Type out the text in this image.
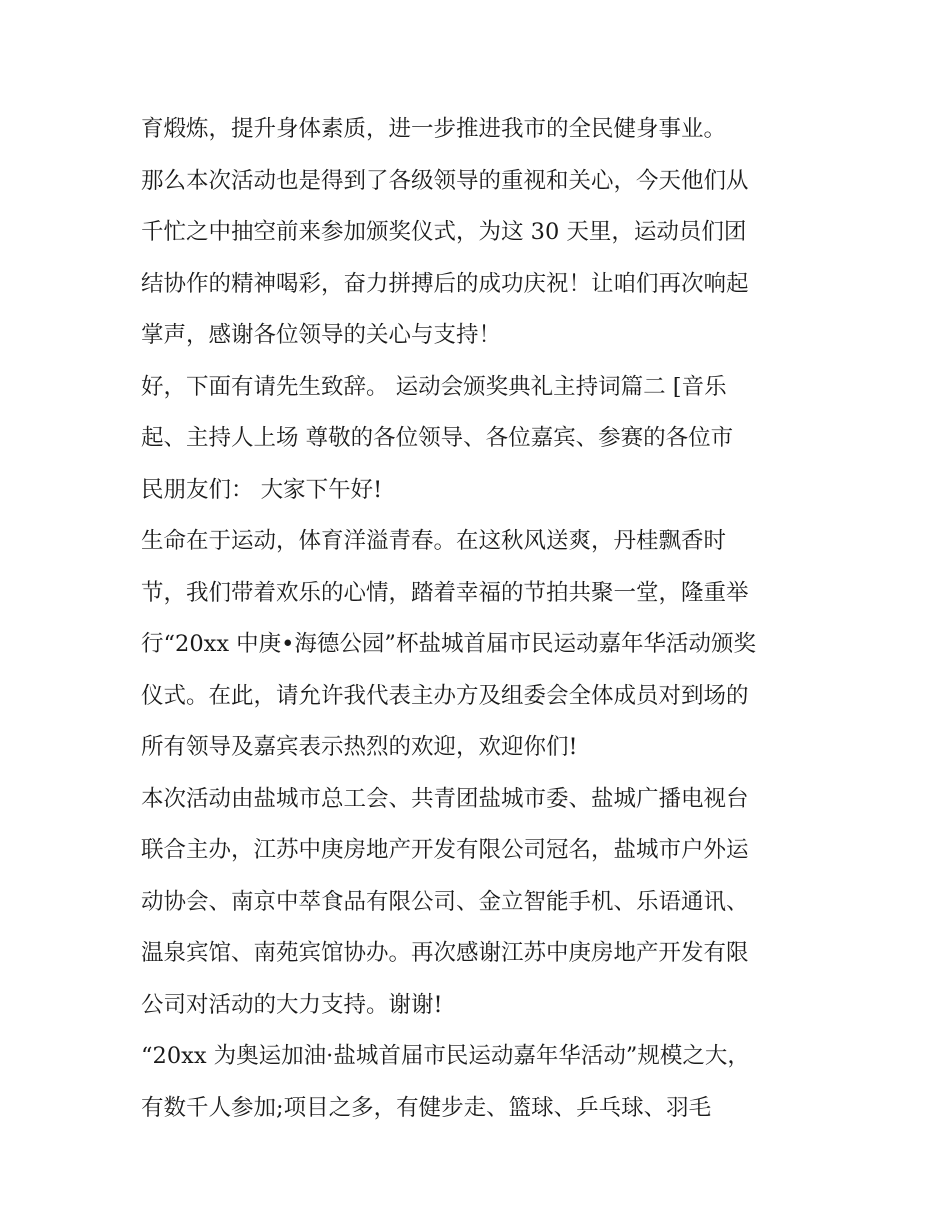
育煅炼，提升身体素质，进一步推进我市的全民健身事业。
那么本次活动也是得到了各级领导的重视和关心，今天他们从
千忙之中抽空前来参加颁奖仪式，为这 30 天里，运动员们团
结协作的精神喝彩，奋力拼搏后的成功庆祝！让咱们再次响起
掌声，感谢各位领导的关心与支持！
好，下面有请先生致辞。 运动会颁奖典礼主持词篇二 [音乐
起、主持人上场 尊敬的各位领导、各位嘉宾、参赛的各位市
民朋友们： 大家下午好!
生命在于运动，体育洋溢青春。在这秋风送爽，丹桂飘香时
节，我们带着欢乐的心情，踏着幸福的节拍共聚一堂，隆重举
行“20xx 中庚•海德公园”杯盐城首届市民运动嘉年华活动颁奖
仪式。在此，请允许我代表主办方及组委会全体成员对到场的
所有领导及嘉宾表示热烈的欢迎，欢迎你们!
本次活动由盐城市总工会、共青团盐城市委、盐城广播电视台
联合主办，江苏中庚房地产开发有限公司冠名，盐城市户外运
动协会、南京中萃食品有限公司、金立智能手机、乐语通讯、
温泉宾馆、南苑宾馆协办。再次感谢江苏中庚房地产开发有限
公司对活动的大力支持。谢谢!
“20xx 为奥运加油·盐城首届市民运动嘉年华活动”规模之大，
有数千人参加;项目之多，有健步走、篮球、乒乓球、羽毛
